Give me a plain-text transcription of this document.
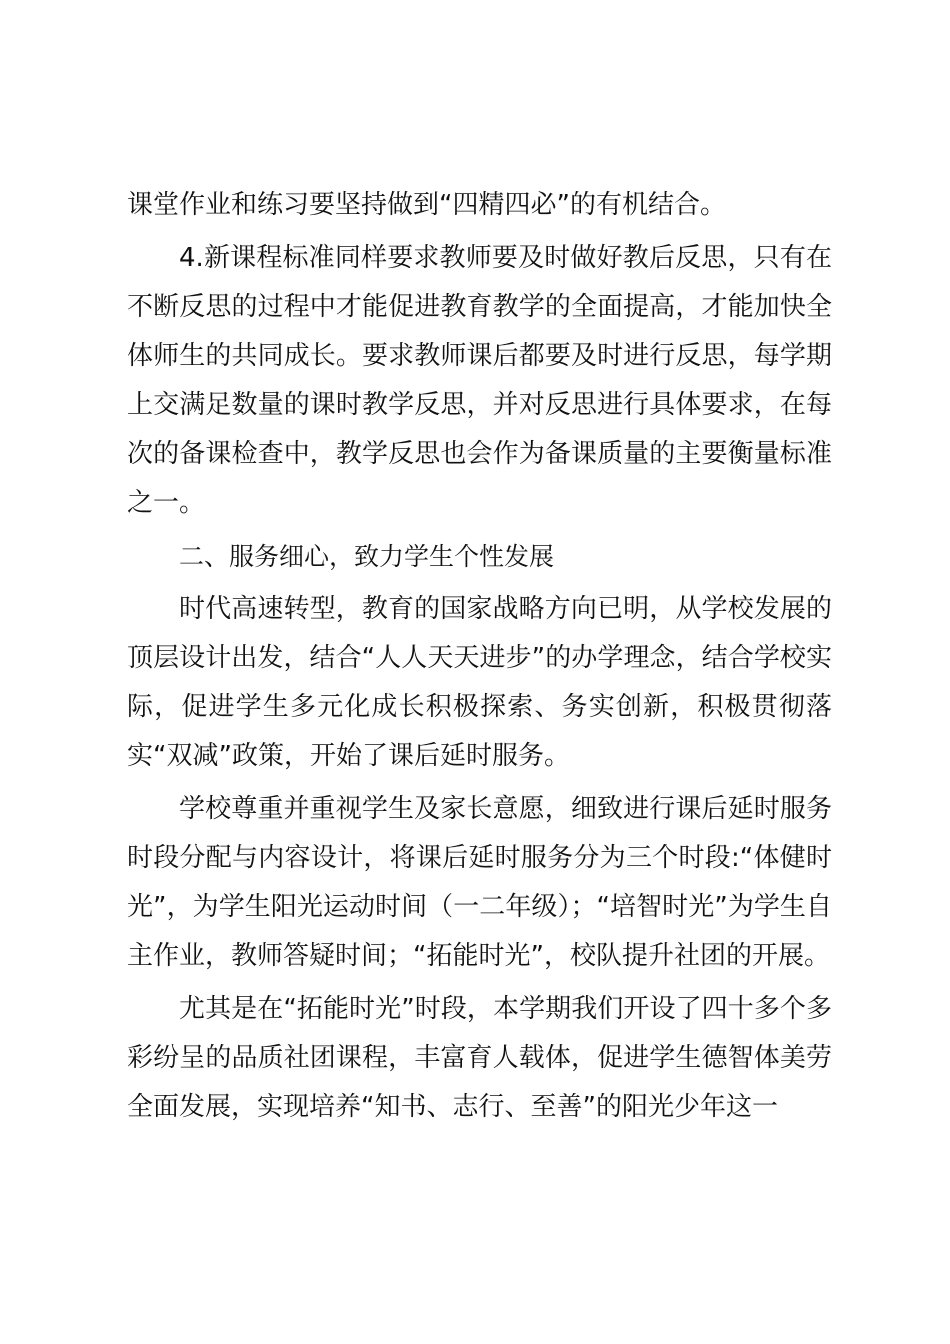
课堂作业和练习要坚持做到“四精四必”的有机结合。

4.新课程标准同样要求教师要及时做好教后反思，只有在不断反思的过程中才能促进教育教学的全面提高，才能加快全体师生的共同成长。要求教师课后都要及时进行反思，每学期上交满足数量的课时教学反思，并对反思进行具体要求，在每次的备课检查中，教学反思也会作为备课质量的主要衡量标准之一。

二、服务细心，致力学生个性发展

时代高速转型，教育的国家战略方向已明，从学校发展的顶层设计出发，结合“人人天天进步”的办学理念，结合学校实际，促进学生多元化成长积极探索、务实创新，积极贯彻落实“双减”政策，开始了课后延时服务。

学校尊重并重视学生及家长意愿，细致进行课后延时服务时段分配与内容设计，将课后延时服务分为三个时段:“体健时光”，为学生阳光运动时间（一二年级）；“培智时光”为学生自主作业，教师答疑时间；“拓能时光”，校队提升社团的开展。

尤其是在“拓能时光”时段，本学期我们开设了四十多个多彩纷呈的品质社团课程，丰富育人载体，促进学生德智体美劳全面发展，实现培养“知书、志行、至善”的阳光少年这一
